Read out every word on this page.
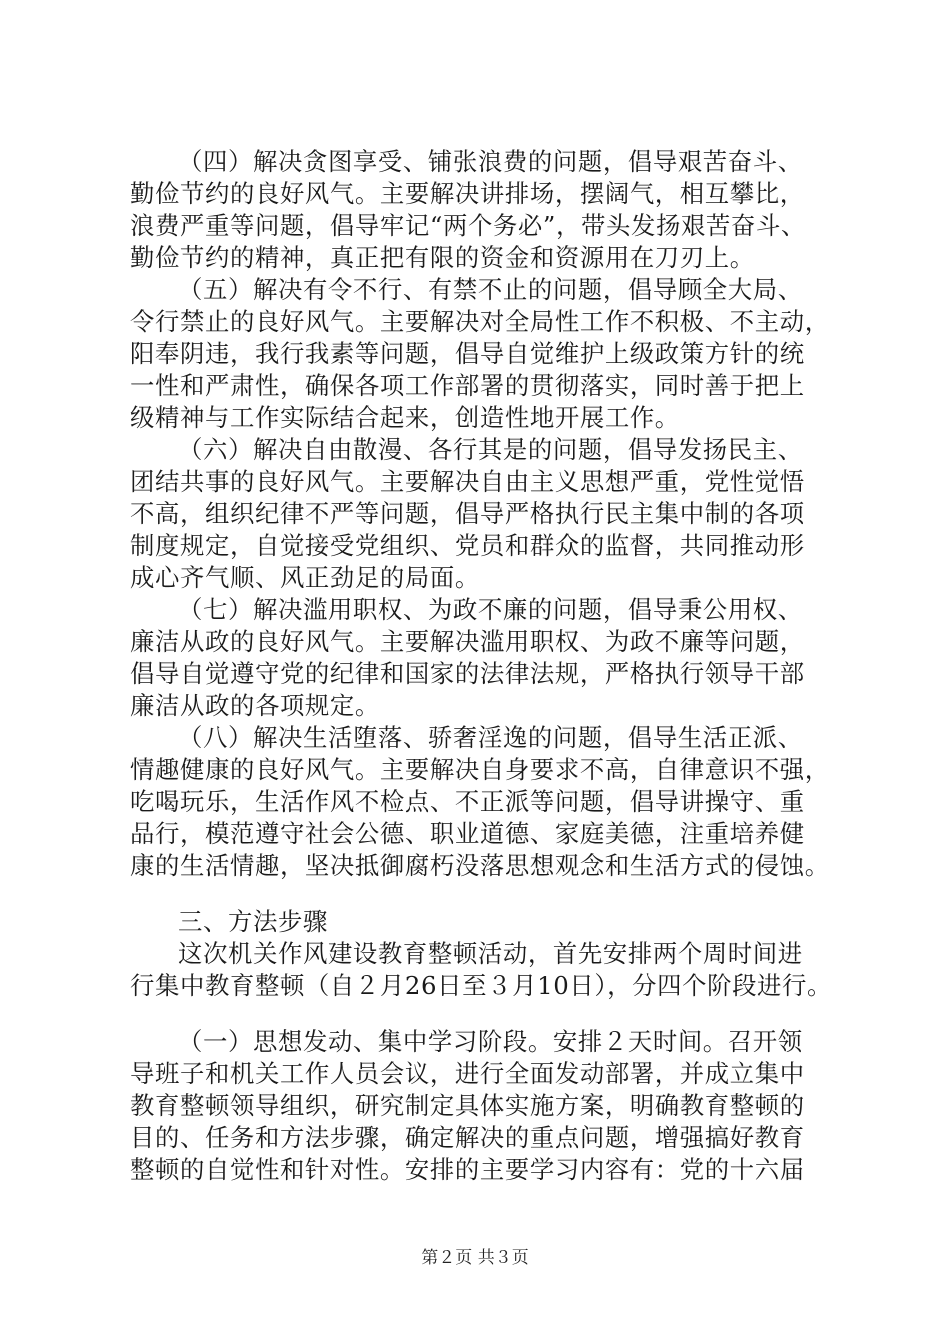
（四）解决贪图享受、铺张浪费的问题，倡导艰苦奋斗、
勤俭节约的良好风气。主要解决讲排场，摆阔气，相互攀比，
浪费严重等问题，倡导牢记“两个务必”，带头发扬艰苦奋斗、
勤俭节约的精神，真正把有限的资金和资源用在刀刃上。
（五）解决有令不行、有禁不止的问题，倡导顾全大局、
令行禁止的良好风气。主要解决对全局性工作不积极、不主动，
阳奉阴违，我行我素等问题，倡导自觉维护上级政策方针的统
一性和严肃性，确保各项工作部署的贯彻落实，同时善于把上
级精神与工作实际结合起来，创造性地开展工作。
（六）解决自由散漫、各行其是的问题，倡导发扬民主、
团结共事的良好风气。主要解决自由主义思想严重，党性觉悟
不高，组织纪律不严等问题，倡导严格执行民主集中制的各项
制度规定，自觉接受党组织、党员和群众的监督，共同推动形
成心齐气顺、风正劲足的局面。
（七）解决滥用职权、为政不廉的问题，倡导秉公用权、
廉洁从政的良好风气。主要解决滥用职权、为政不廉等问题，
倡导自觉遵守党的纪律和国家的法律法规，严格执行领导干部
廉洁从政的各项规定。
（八）解决生活堕落、骄奢淫逸的问题，倡导生活正派、
情趣健康的良好风气。主要解决自身要求不高，自律意识不强，
吃喝玩乐，生活作风不检点、不正派等问题，倡导讲操守、重
品行，模范遵守社会公德、职业道德、家庭美德，注重培养健
康的生活情趣，坚决抵御腐朽没落思想观念和生活方式的侵蚀。
三、方法步骤
这次机关作风建设教育整顿活动，首先安排两个周时间进
行集中教育整顿（自２月26日至３月10日），分四个阶段进行。
（一）思想发动、集中学习阶段。安排２天时间。召开领
导班子和机关工作人员会议，进行全面发动部署，并成立集中
教育整顿领导组织，研究制定具体实施方案，明确教育整顿的
目的、任务和方法步骤，确定解决的重点问题，增强搞好教育
整顿的自觉性和针对性。安排的主要学习内容有：党的十六届
第２页 共３页
